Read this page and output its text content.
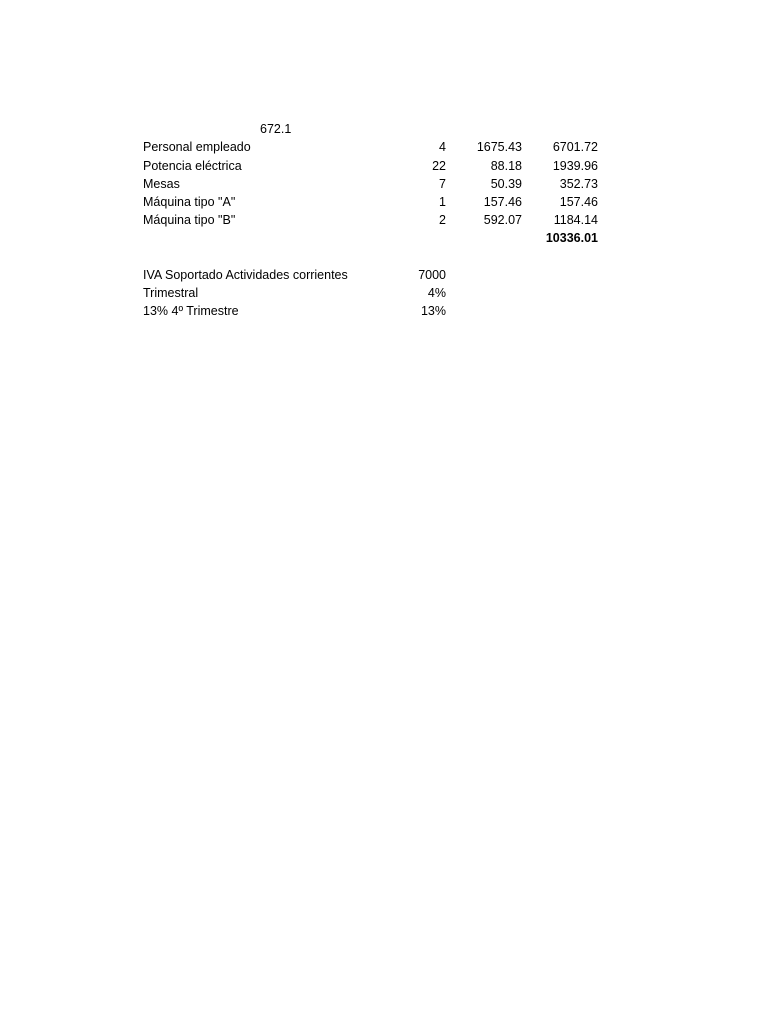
672.1
Personal empleado	4 1675.43 6701.72
Potencia eléctrica	22	88.18 1939.96
Mesas	7	50.39	352.73
Máquina tipo "A"	1	157.46	157.46
Máquina tipo "B"	2	592.07	1184.14
10336.01
IVA Soportado Actividades corrientes	7000
Trimestral	4%
13% 4º Trimestre	13%
